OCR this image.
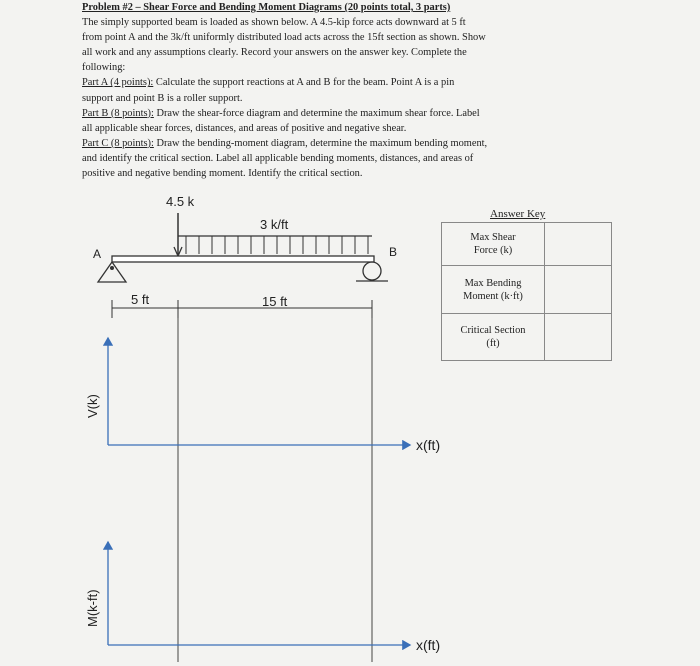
Problem #2 – Shear Force and Bending Moment Diagrams (20 points total, 3 parts)

The simply supported beam is loaded as shown below. A 4.5-kip force acts downward at 5 ft

from point A and the 3k/ft uniformly distributed load acts across the 15ft section as shown. Show

all work and any assumptions clearly. Record your answers on the answer key. Complete the

following:

Part A (4 points): Calculate the support reactions at A and B for the beam. Point A is a pin

support and point B is a roller support.

Part B (8 points): Draw the shear-force diagram and determine the maximum shear force. Label

all applicable shear forces, distances, and areas of positive and negative shear.

Part C (8 points): Draw the bending-moment diagram, determine the maximum bending moment,

and identify the critical section. Label all applicable bending moments, distances, and areas of

positive and negative bending moment. Identify the critical section.

4.5 k
3 k/ft
A	B
5 ft	15 ft
x(ft)
V(k)
x(ft)
M(k-ft)
Answer Key
Max Shear
Force (k)	
Max Bending
Moment (k·ft)	
Critical Section
(ft)	
